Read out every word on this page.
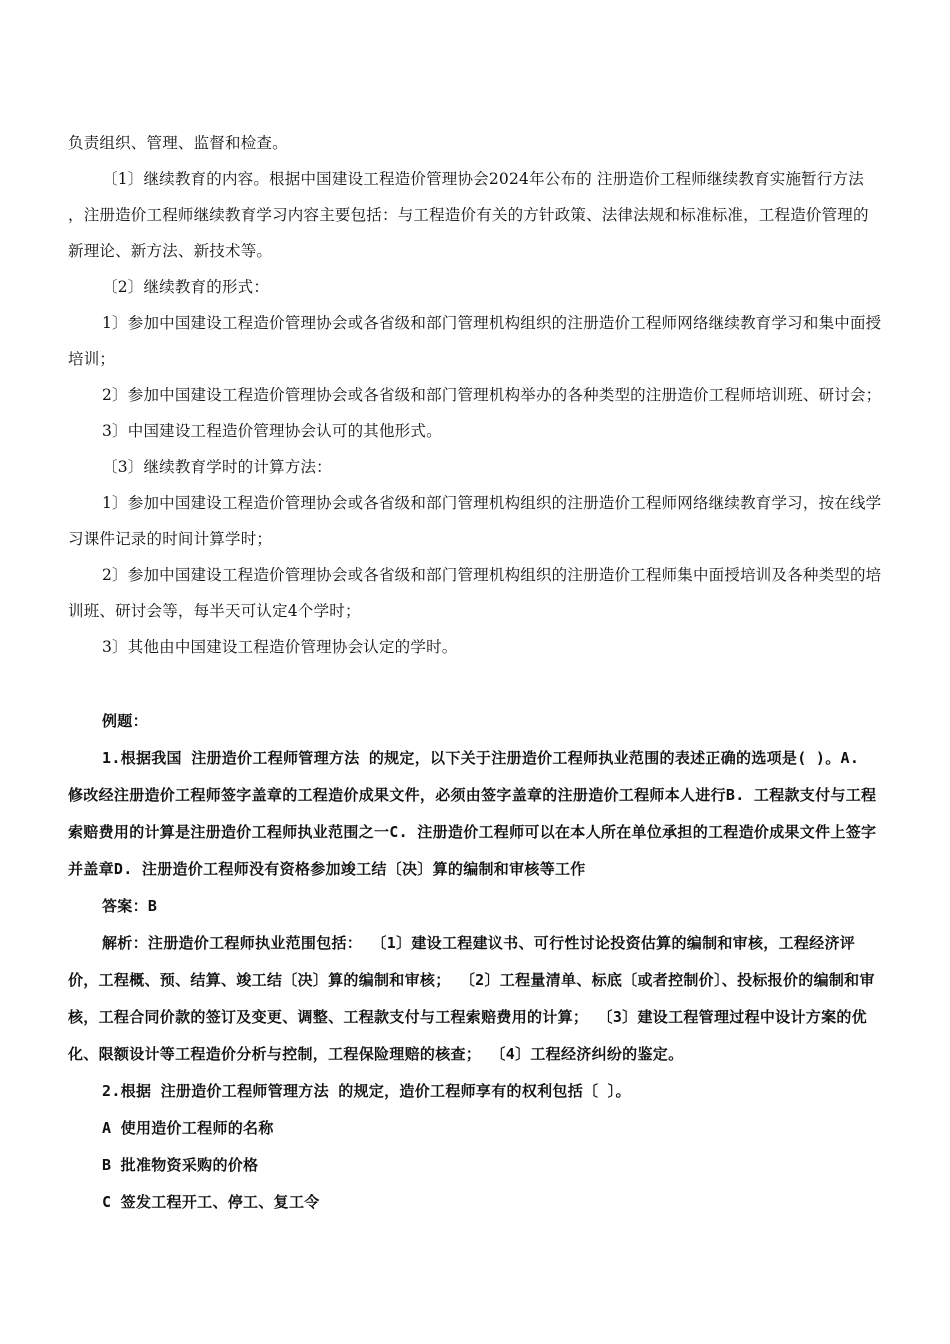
负责组织、管理、监督和检查。

〔1〕继续教育的内容。根据中国建设工程造价管理协会2024年公布的 注册造价工程师继续教育实施暂行方法 ，注册造价工程师继续教育学习内容主要包括：与工程造价有关的方针政策、法律法规和标准标准，工程造价管理的新理论、新方法、新技术等。

〔2〕继续教育的形式：

1〕参加中国建设工程造价管理协会或各省级和部门管理机构组织的注册造价工程师网络继续教育学习和集中面授培训；

2〕参加中国建设工程造价管理协会或各省级和部门管理机构举办的各种类型的注册造价工程师培训班、研讨会；

3〕中国建设工程造价管理协会认可的其他形式。

〔3〕继续教育学时的计算方法：

1〕参加中国建设工程造价管理协会或各省级和部门管理机构组织的注册造价工程师网络继续教育学习，按在线学习课件记录的时间计算学时；

2〕参加中国建设工程造价管理协会或各省级和部门管理机构组织的注册造价工程师集中面授培训及各种类型的培训班、研讨会等，每半天可认定4个学时；

3〕其他由中国建设工程造价管理协会认定的学时。

例题：

1.根据我国 注册造价工程师管理方法 的规定，以下关于注册造价工程师执业范围的表述正确的选项是( )。A. 修改经注册造价工程师签字盖章的工程造价成果文件，必须由签字盖章的注册造价工程师本人进行B. 工程款支付与工程索赔费用的计算是注册造价工程师执业范围之一C. 注册造价工程师可以在本人所在单位承担的工程造价成果文件上签字并盖章D. 注册造价工程师没有资格参加竣工结〔决〕算的编制和审核等工作

答案：B

解析：注册造价工程师执业范围包括： 〔1〕建设工程建议书、可行性讨论投资估算的编制和审核，工程经济评价，工程概、预、结算、竣工结〔决〕算的编制和审核； 〔2〕工程量清单、标底〔或者控制价〕、投标报价的编制和审核，工程合同价款的签订及变更、调整、工程款支付与工程索赔费用的计算； 〔3〕建设工程管理过程中设计方案的优化、限额设计等工程造价分析与控制，工程保险理赔的核查； 〔4〕工程经济纠纷的鉴定。

2.根据 注册造价工程师管理方法 的规定，造价工程师享有的权利包括〔 〕。

A 使用造价工程师的名称

B 批准物资采购的价格

C 签发工程开工、停工、复工令
